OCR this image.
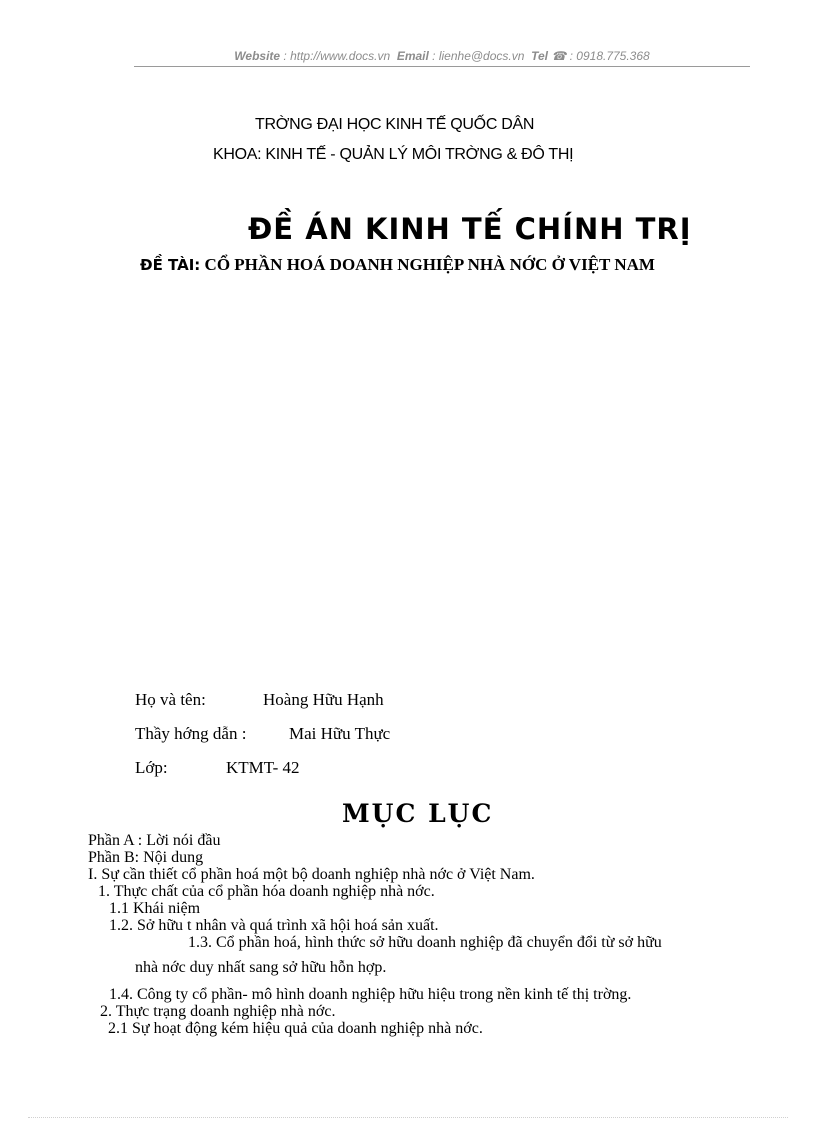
Website : http://www.docs.vn Email : lienhe@docs.vn Tel ☎ : 0918.775.368
TRỜNG ĐẠI HỌC KINH TẾ QUỐC DÂN
KHOA: KINH TẾ - QUẢN LÝ MÔI TRỜNG & ĐÔ THỊ
ĐỀ ÁN KINH TẾ CHÍNH TRỊ
ĐỀ TÀI: CỔ PHẦN HOÁ DOANH NGHIỆP NHÀ NỚC Ở VIỆT NAM
Họ và tên:	Hoàng Hữu Hạnh
Thầy hớng dẫn :	Mai Hữu Thực
Lớp:	KTMT- 42
MỤC LỤC
Phần A : Lời nói đầu
Phần B: Nội dung
I. Sự cần thiết cổ phần hoá một bộ doanh nghiệp nhà nớc ở Việt Nam.
1. Thực chất của cổ phần hóa doanh nghiệp nhà nớc.
1.1 Khái niệm
1.2. Sở hữu t nhân và quá trình xã hội hoá sản xuất.
1.3. Cổ phần hoá, hình thức sở hữu doanh nghiệp đã chuyển đổi từ sở hữu
nhà nớc duy nhất sang sở hữu hỗn hợp.
1.4. Công ty cổ phần- mô hình doanh nghiệp hữu hiệu trong nền kinh tế thị trờng.
2. Thực trạng doanh nghiệp nhà nớc.
2.1 Sự hoạt động kém hiệu quả của doanh nghiệp nhà nớc.
